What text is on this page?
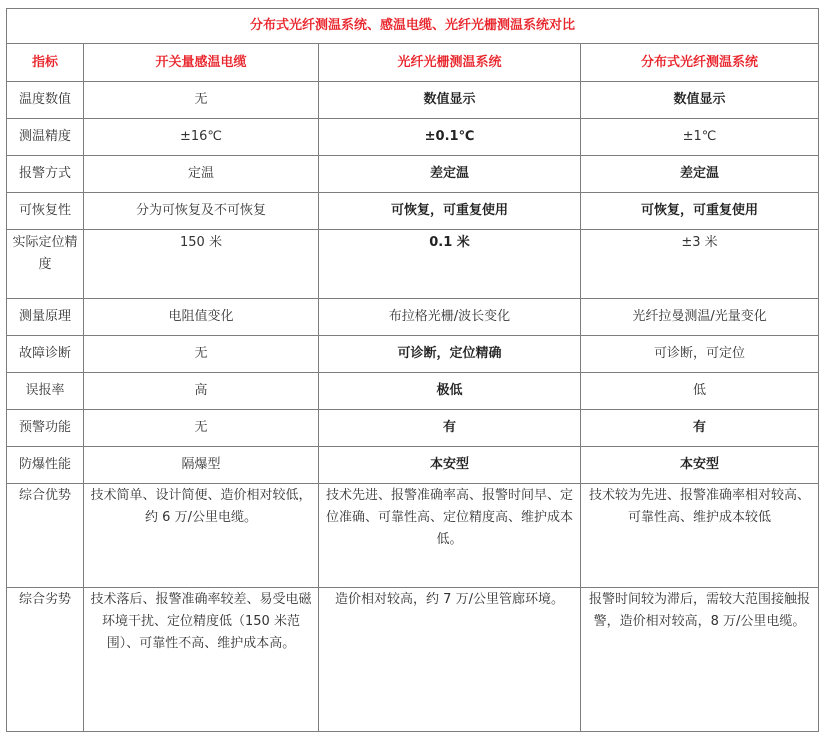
分布式光纤测温系统、感温电缆、光纤光栅测温系统对比			
指标	开关量感温电缆	光纤光栅测温系统	分布式光纤测温系统
温度数值	无	数值显示	数值显示
测温精度	±16℃	±0.1℃	±1℃
报警方式	定温	差定温	差定温
可恢复性	分为可恢复及不可恢复	可恢复，可重复使用	可恢复，可重复使用
实际定位精度	150 米	0.1 米	±3 米
测量原理	电阻值变化	布拉格光栅/波长变化	光纤拉曼测温/光量变化
故障诊断	无	可诊断，定位精确	可诊断，可定位
误报率	高	极低	低
预警功能	无	有	有
防爆性能	隔爆型	本安型	本安型
综合优势	技术简单、设计简便、造价相对较低，约 6 万/公里电缆。	技术先进、报警准确率高、报警时间早、定位准确、可靠性高、定位精度高、维护成本低。	技术较为先进、报警准确率相对较高、可靠性高、维护成本较低
综合劣势	技术落后、报警准确率较差、易受电磁环境干扰、定位精度低（150 米范围）、可靠性不高、维护成本高。	造价相对较高，约 7 万/公里管廊环境。	报警时间较为滞后，需较大范围接触报警，造价相对较高，8 万/公里电缆。
